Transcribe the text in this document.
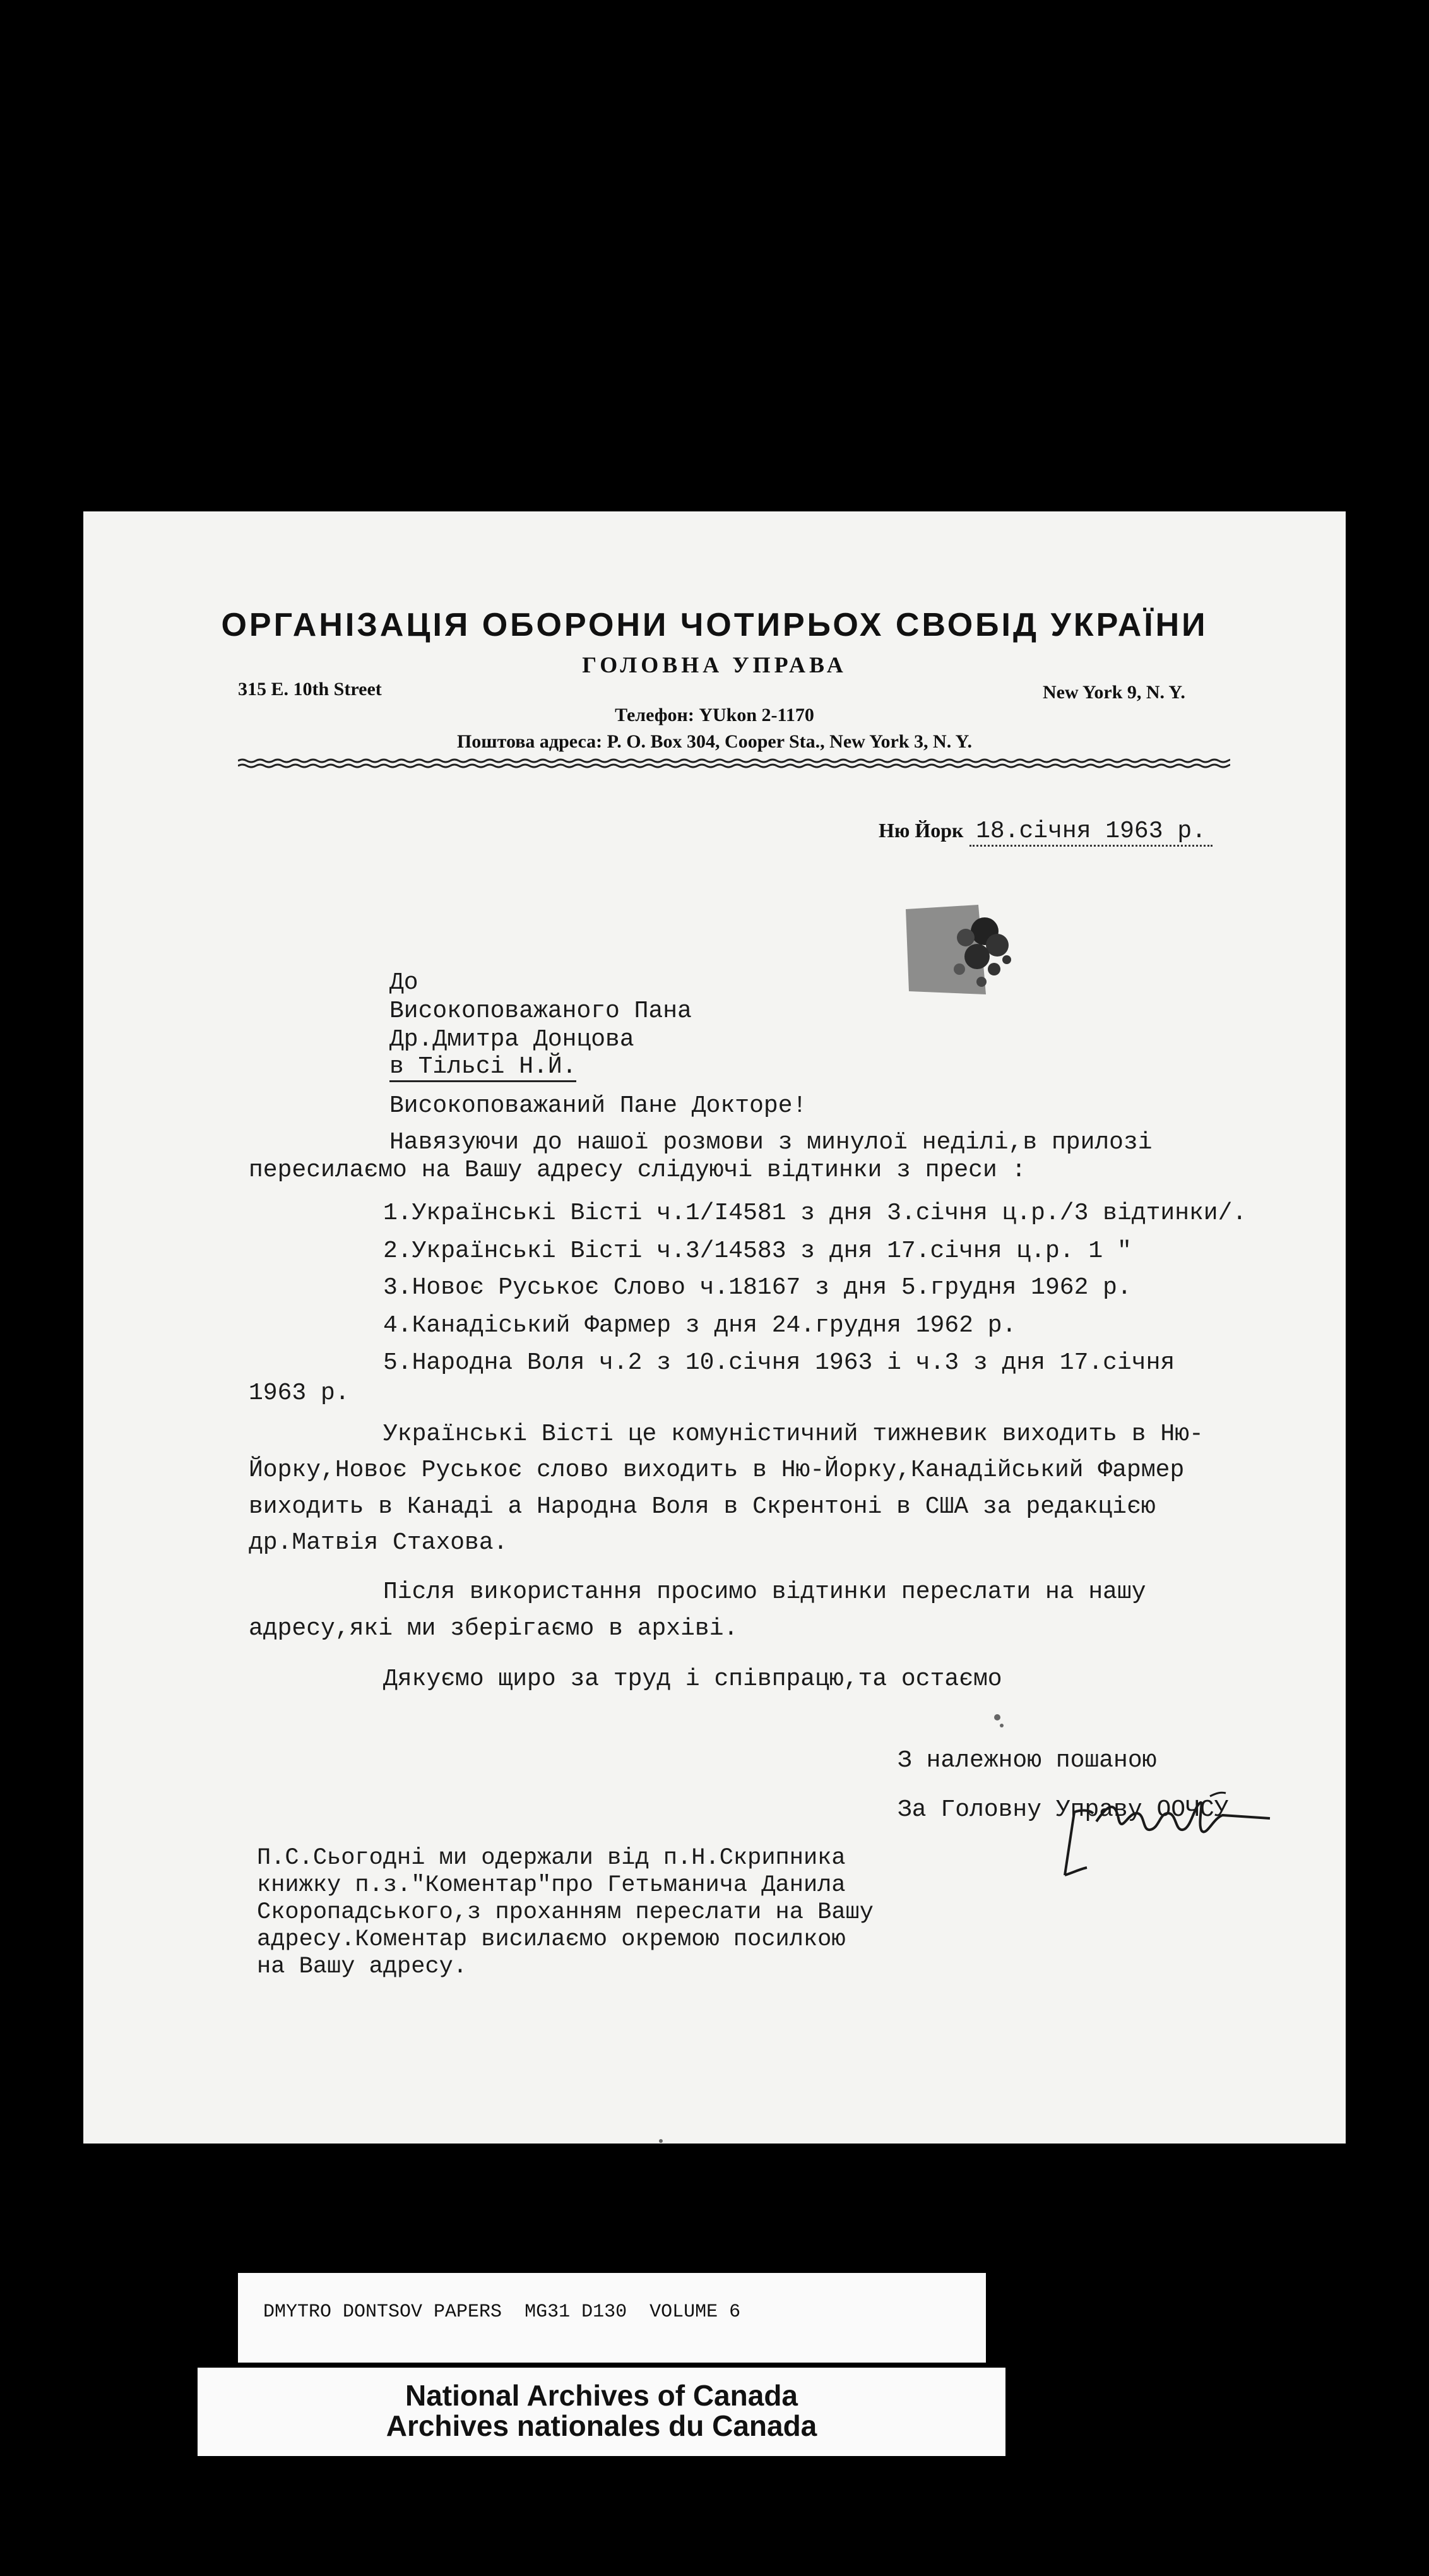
ОРГАНІЗАЦІЯ ОБОРОНИ ЧОТИРЬОХ СВОБІД УКРАЇНИ
ГОЛОВНА УПРАВА
315 E. 10th Street	New York 9, N. Y.
Телефон: YUkon 2-1170
Поштова адреса: P. O. Box 304, Cooper Sta., New York 3, N. Y.
Ню Йорк 18.січня 1963 р.
До
Високоповажаного Пана
Др.Дмитра Донцова
в Тільсі Н.Й.
Високоповажаний Пане Докторе!
Навязуючи до нашої розмови з минулої неділі,в прилозі
пересилаємо на Вашу адресу слідуючі відтинки з преси :
1.Українські Вісті ч.1/I4581 з дня 3.січня ц.р./3 відтинки/.
2.Українські Вісті ч.3/14583 з дня 17.січня ц.р. 1 "
3.Новоє Руськоє Слово ч.18167 з дня 5.грудня 1962 р.
4.Канадіський Фармер з дня 24.грудня 1962 р.
5.Народна Воля ч.2 з 10.січня 1963 і ч.3 з дня 17.січня
1963 р.
Українські Вісті це комуністичний тижневик виходить в Ню-
Йорку,Новоє Руськоє слово виходить в Ню-Йорку,Канадійський Фармер
виходить в Канаді а Народна Воля в Скрентоні в США за редакцією
др.Матвія Стахова.
Після використання просимо відтинки переслати на нашу
адресу,які ми зберігаємо в архіві.
Дякуємо щиро за труд і співпрацю,та остаємо
З належною пошаною
За Головну Управу ООЧСУ
П.С.Сьогодні ми одержали від п.Н.Скрипника
книжку п.з."Коментар"про Гетьманича Данила
Скоропадського,з проханням переслати на Вашу
адресу.Коментар висилаємо окремою посилкою
на Вашу адресу.
DMYTRO DONTSOV PAPERS  MG31 D130  VOLUME 6
National Archives of Canada
Archives nationales du Canada
